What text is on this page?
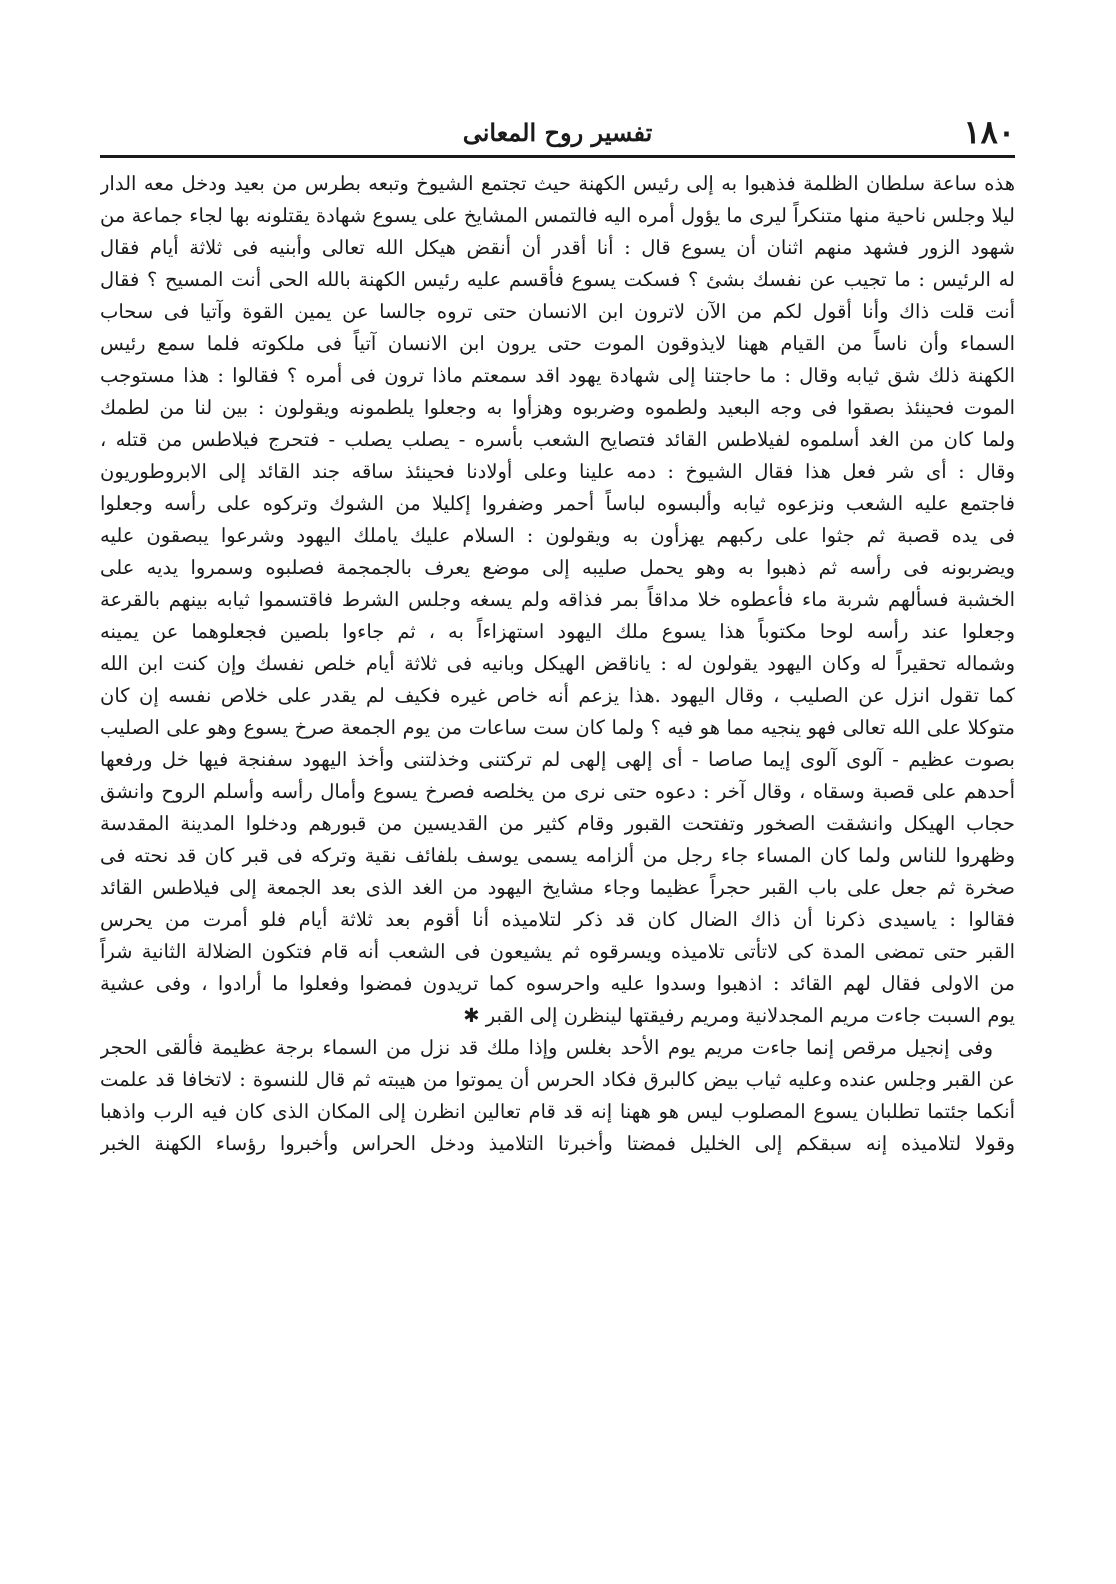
١٨٠
تفسير روح المعانى
هذه ساعة سلطان الظلمة فذهبوا به إلى رئيس الكهنة حيث تجتمع الشيوخ وتبعه بطرس من بعيد ودخل معه الدار
ليلا وجلس ناحية منها متنكراً ليرى ما يؤول أمره اليه فالتمس المشايخ على يسوع شهادة يقتلونه بها لجاء جماعة من
شهود الزور فشهد منهم اثنان أن يسوع قال : أنا أقدر أن أنقض هيكل الله تعالى وأبنيه فى ثلاثة أيام فقال
له الرئيس : ما تجيب عن نفسك بشئ ؟ فسكت يسوع فأقسم عليه رئيس الكهنة بالله الحى أنت المسيح ؟ فقال
أنت قلت ذاك وأنا أقول لكم من الآن لاترون ابن الانسان حتى تروه جالسا عن يمين القوة وآتيا فى سحاب
السماء وأن ناساً من القيام ههنا لايذوقون الموت حتى يرون ابن الانسان آتياً فى ملكوته فلما سمع رئيس
الكهنة ذلك شق ثيابه وقال : ما حاجتنا إلى شهادة يهود اقد سمعتم ماذا ترون فى أمره ؟ فقالوا : هذا مستوجب
الموت فحينئذ بصقوا فى وجه البعيد ولطموه وضربوه وهزأوا به وجعلوا يلطمونه ويقولون : بين لنا من لطمك
ولما كان من الغد أسلموه لفيلاطس القائد فتصايح الشعب بأسره - يصلب يصلب - فتحرج فيلاطس من قتله ،
وقال : أى شر فعل هذا فقال الشيوخ : دمه علينا وعلى أولادنا فحينئذ ساقه جند القائد إلى الابروطوريون
فاجتمع عليه الشعب ونزعوه ثيابه وألبسوه لباساً أحمر وضفروا إكليلا من الشوك وتركوه على رأسه وجعلوا
فى يده قصبة ثم جثوا على ركبهم يهزأون به ويقولون : السلام عليك ياملك اليهود وشرعوا يبصقون عليه
ويضربونه فى رأسه ثم ذهبوا به وهو يحمل صليبه إلى موضع يعرف بالجمجمة فصلبوه وسمروا يديه على
الخشبة فسألهم شربة ماء فأعطوه خلا مداقاً بمر فذاقه ولم يسغه وجلس الشرط فاقتسموا ثيابه بينهم بالقرعة
وجعلوا عند رأسه لوحا مكتوباً هذا يسوع ملك اليهود استهزاءاً به ، ثم جاءوا بلصين فجعلوهما عن يمينه
وشماله تحقيراً له وكان اليهود يقولون له : ياناقض الهيكل وبانيه فى ثلاثة أيام خلص نفسك وإن كنت ابن الله
كما تقول انزل عن الصليب ، وقال اليهود .هذا يزعم أنه خاص غيره فكيف لم يقدر على خلاص نفسه إن كان
متوكلا على الله تعالى فهو ينجيه مما هو فيه ؟ ولما كان ست ساعات من يوم الجمعة صرخ يسوع وهو على الصليب
بصوت عظيم - آلوى آلوى إيما صاصا - أى إلهى إلهى لم تركتنى وخذلتنى وأخذ اليهود سفنجة فيها خل ورفعها
أحدهم على قصبة وسقاه ، وقال آخر : دعوه حتى نرى من يخلصه فصرخ يسوع وأمال رأسه وأسلم الروح وانشق
حجاب الهيكل وانشقت الصخور وتفتحت القبور وقام كثير من القديسين من قبورهم ودخلوا المدينة المقدسة
وظهروا للناس ولما كان المساء جاء رجل من ألزامه يسمى يوسف بلفائف نقية وتركه فى قبر كان قد نحته فى
صخرة ثم جعل على باب القبر حجراً عظيما وجاء مشايخ اليهود من الغد الذى بعد الجمعة إلى فيلاطس القائد
فقالوا : ياسيدى ذكرنا أن ذاك الضال كان قد ذكر لتلاميذه أنا أقوم بعد ثلاثة أيام فلو أمرت من يحرس
القبر حتى تمضى المدة كى لاتأتى تلاميذه ويسرقوه ثم يشيعون فى الشعب أنه قام فتكون الضلالة الثانية شراً
من الاولى فقال لهم القائد : اذهبوا وسدوا عليه واحرسوه كما تريدون فمضوا وفعلوا ما أرادوا ، وفى عشية
يوم السبت جاءت مريم المجدلانية ومريم رفيقتها لينظرن إلى القبر ✱
وفى إنجيل مرقص إنما جاءت مريم يوم الأحد بغلس وإذا ملك قد نزل من السماء برجة عظيمة فألقى الحجر
عن القبر وجلس عنده وعليه ثياب بيض كالبرق فكاد الحرس أن يموتوا من هيبته ثم قال للنسوة : لاتخافا قد علمت
أنكما جئتما تطلبان يسوع المصلوب ليس هو ههنا إنه قد قام تعالين انظرن إلى المكان الذى كان فيه الرب واذهبا
وقولا لتلاميذه إنه سبقكم إلى الخليل فمضتا وأخبرتا التلاميذ ودخل الحراس وأخبروا رؤساء الكهنة الخبر
